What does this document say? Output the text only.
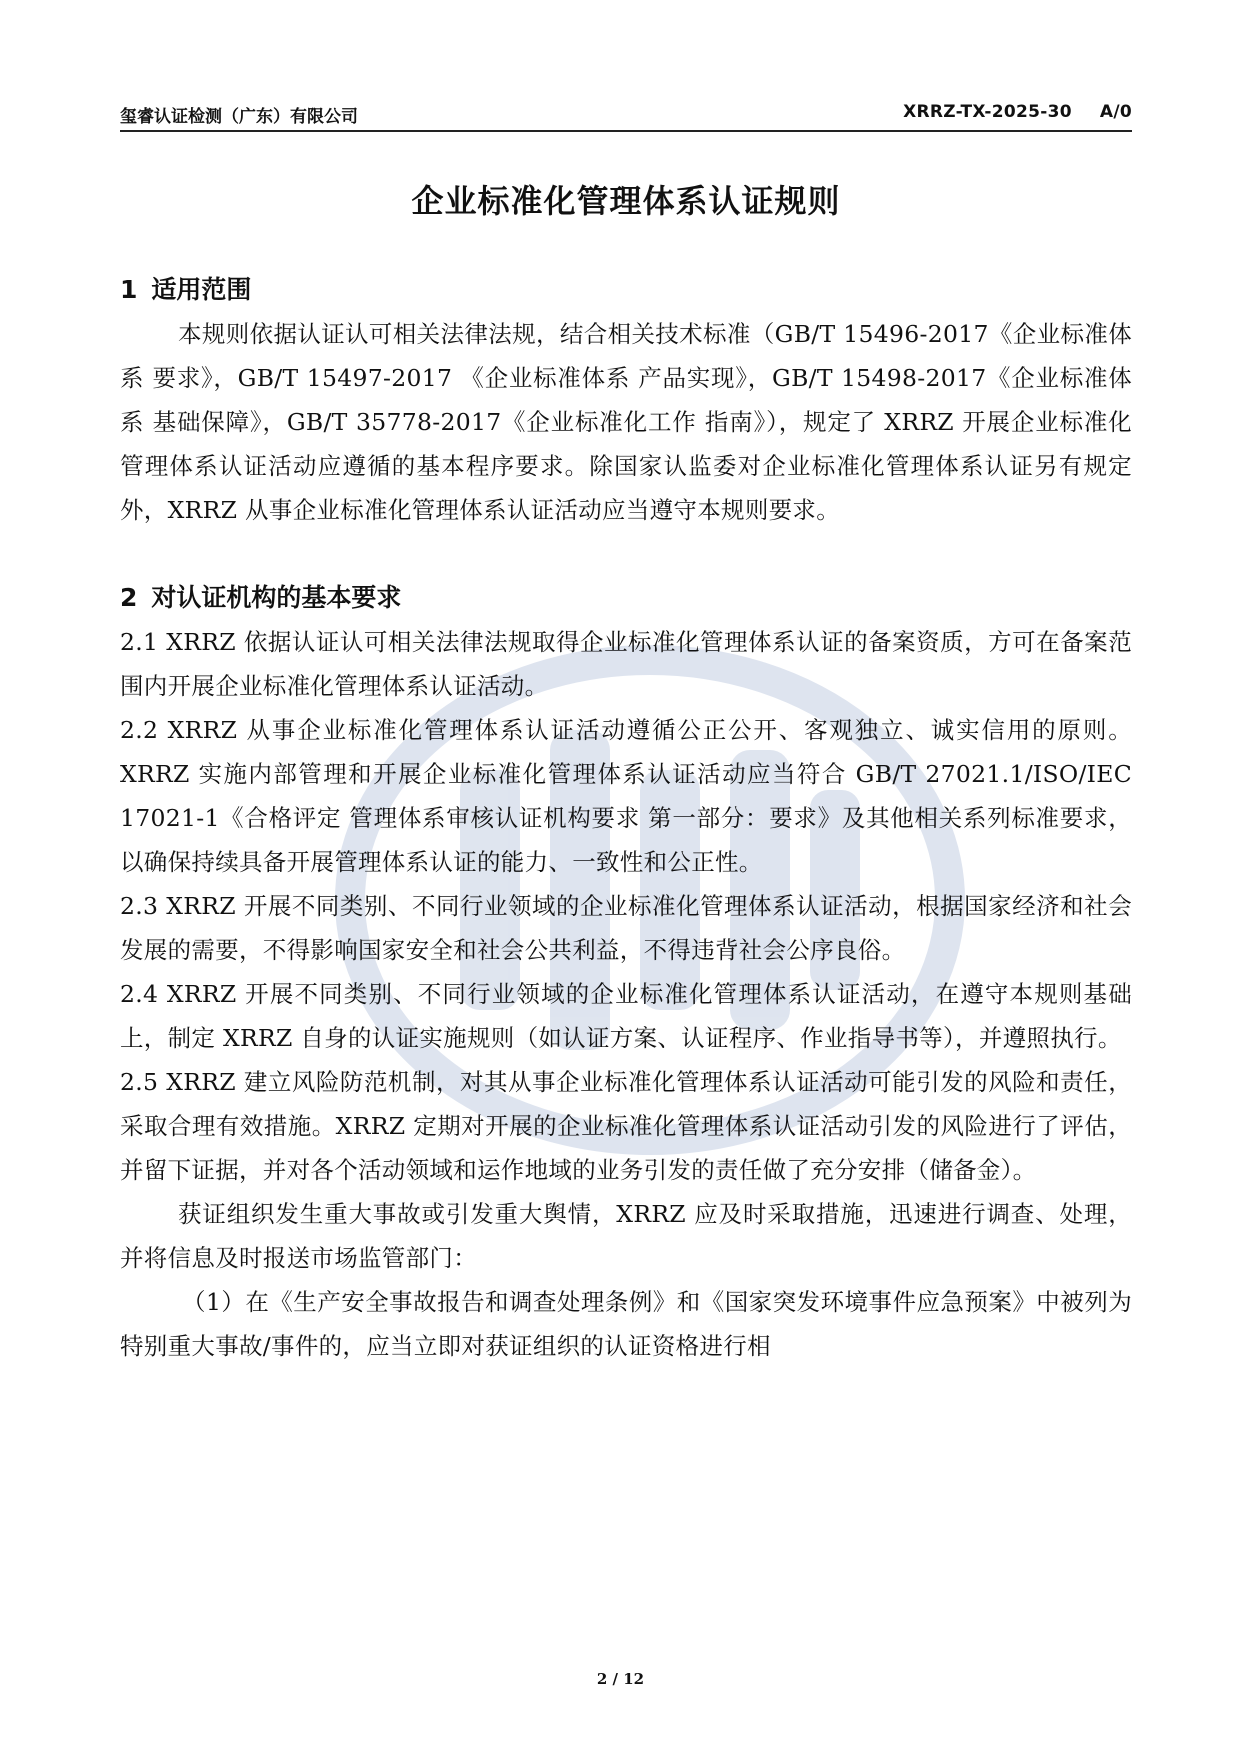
玺睿认证检测（广东）有限公司	XRRZ-TX-2025-30 A/0
企业标准化管理体系认证规则

1 适用范围

本规则依据认证认可相关法律法规，结合相关技术标准（GB/T 15496-2017《企业标准体系 要求》，GB/T 15497-2017 《企业标准体系 产品实现》，GB/T 15498-2017《企业标准体系 基础保障》，GB/T 35778-2017《企业标准化工作 指南》），规定了 XRRZ 开展企业标准化管理体系认证活动应遵循的基本程序要求。除国家认监委对企业标准化管理体系认证另有规定外，XRRZ 从事企业标准化管理体系认证活动应当遵守本规则要求。

2 对认证机构的基本要求

2.1 XRRZ 依据认证认可相关法律法规取得企业标准化管理体系认证的备案资质，方可在备案范围内开展企业标准化管理体系认证活动。

2.2 XRRZ 从事企业标准化管理体系认证活动遵循公正公开、客观独立、诚实信用的原则。XRRZ 实施内部管理和开展企业标准化管理体系认证活动应当符合 GB/T 27021.1/ISO/IEC 17021-1《合格评定 管理体系审核认证机构要求 第一部分：要求》及其他相关系列标准要求，以确保持续具备开展管理体系认证的能力、一致性和公正性。

2.3 XRRZ 开展不同类别、不同行业领域的企业标准化管理体系认证活动，根据国家经济和社会发展的需要，不得影响国家安全和社会公共利益，不得违背社会公序良俗。

2.4 XRRZ 开展不同类别、不同行业领域的企业标准化管理体系认证活动，在遵守本规则基础上，制定 XRRZ 自身的认证实施规则（如认证方案、认证程序、作业指导书等），并遵照执行。

2.5 XRRZ 建立风险防范机制，对其从事企业标准化管理体系认证活动可能引发的风险和责任，采取合理有效措施。XRRZ 定期对开展的企业标准化管理体系认证活动引发的风险进行了评估，并留下证据，并对各个活动领域和运作地域的业务引发的责任做了充分安排（储备金）。

获证组织发生重大事故或引发重大舆情，XRRZ 应及时采取措施，迅速进行调查、处理，并将信息及时报送市场监管部门：

（1）在《生产安全事故报告和调查处理条例》和《国家突发环境事件应急预案》中被列为特别重大事故/事件的，应当立即对获证组织的认证资格进行相

2 / 12
